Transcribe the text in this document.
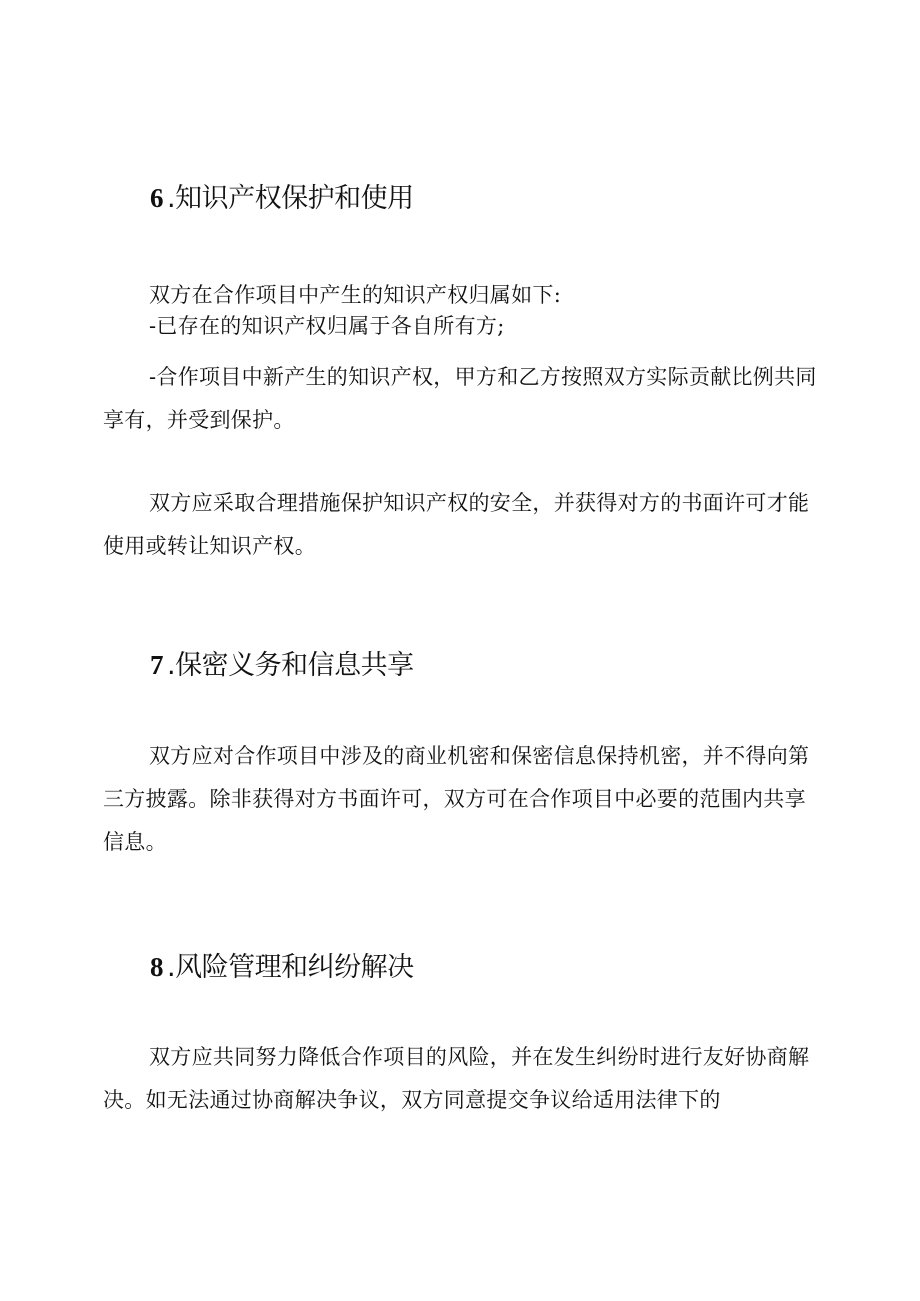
6 .知识产权保护和使用

双方在合作项目中产生的知识产权归属如下:

-已存在的知识产权归属于各自所有方;

-合作项目中新产生的知识产权，甲方和乙方按照双方实际贡献比例共同享有，并受到保护。

双方应采取合理措施保护知识产权的安全，并获得对方的书面许可才能使用或转让知识产权。

7 .保密义务和信息共享

双方应对合作项目中涉及的商业机密和保密信息保持机密，并不得向第三方披露。除非获得对方书面许可，双方可在合作项目中必要的范围内共享信息。

8 .风险管理和纠纷解决

双方应共同努力降低合作项目的风险，并在发生纠纷时进行友好协商解决。如无法通过协商解决争议，双方同意提交争议给适用法律下的
